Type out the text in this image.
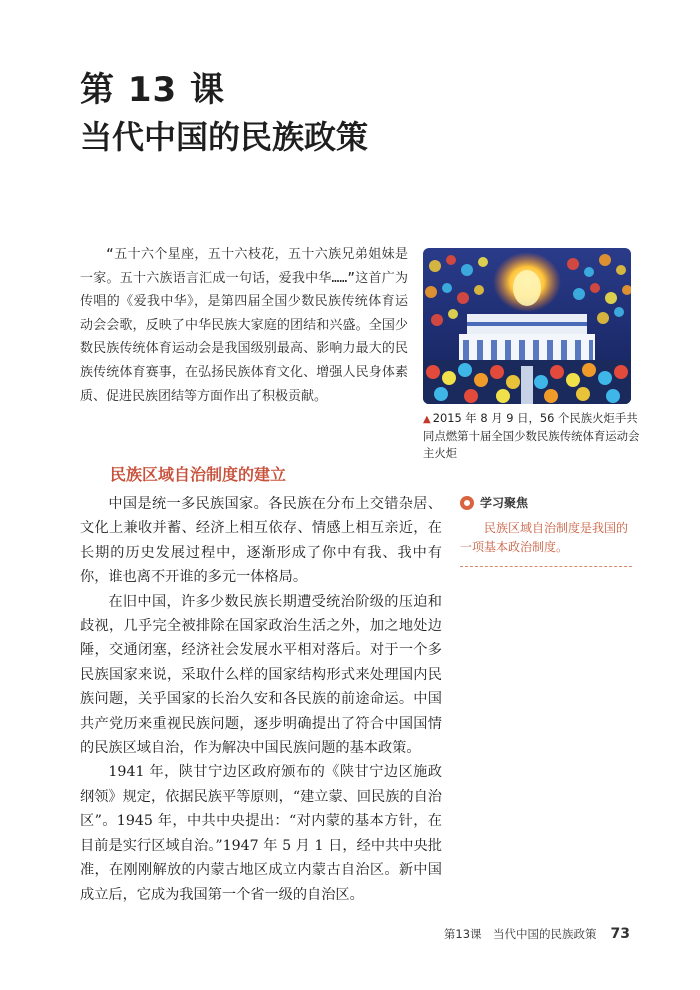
第 13 课
当代中国的民族政策

“五十六个星座，五十六枝花，五十六族兄弟姐妹是一家。五十六族语言汇成一句话，爱我中华……”这首广为传唱的《爱我中华》，是第四届全国少数民族传统体育运动会会歌，反映了中华民族大家庭的团结和兴盛。全国少数民族传统体育运动会是我国级别最高、影响力最大的民族传统体育赛事，在弘扬民族体育文化、增强人民身体素质、促进民族团结等方面作出了积极贡献。

▲ 2015 年 8 月 9 日，56 个民族火炬手共同点燃第十届全国少数民族传统体育运动会主火炬

民族区域自治制度的建立

中国是统一多民族国家。各民族在分布上交错杂居、文化上兼收并蓄、经济上相互依存、情感上相互亲近，在长期的历史发展过程中，逐渐形成了你中有我、我中有你，谁也离不开谁的多元一体格局。

在旧中国，许多少数民族长期遭受统治阶级的压迫和歧视，几乎完全被排除在国家政治生活之外，加之地处边陲，交通闭塞，经济社会发展水平相对落后。对于一个多民族国家来说，采取什么样的国家结构形式来处理国内民族问题，关乎国家的长治久安和各民族的前途命运。中国共产党历来重视民族问题，逐步明确提出了符合中国国情的民族区域自治，作为解决中国民族问题的基本政策。

1941 年，陕甘宁边区政府颁布的《陕甘宁边区施政纲领》规定，依据民族平等原则，“建立蒙、回民族的自治区”。1945 年，中共中央提出：“对内蒙的基本方针，在目前是实行区域自治。”1947 年 5 月 1 日，经中共中央批准，在刚刚解放的内蒙古地区成立内蒙古自治区。新中国成立后，它成为我国第一个省一级的自治区。

学习聚焦

民族区域自治制度是我国的一项基本政治制度。

第13课　当代中国的民族政策 73
